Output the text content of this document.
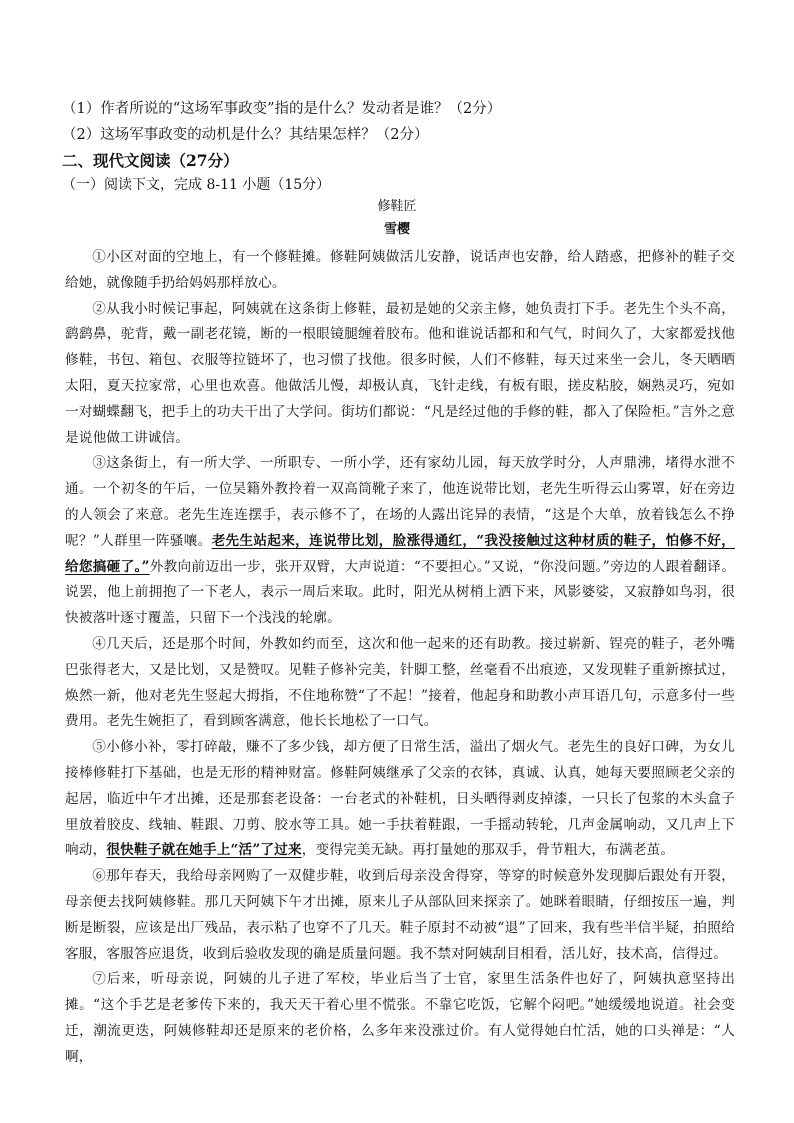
（1）作者所说的“这场军事政变”指的是什么？发动者是谁？（2分）
（2）这场军事政变的动机是什么？其结果怎样？（2分）
二、现代文阅读（27分）
（一）阅读下文，完成 8-11 小题（15分）
修鞋匠
雪樱

①小区对面的空地上，有一个修鞋摊。修鞋阿姨做活儿安静，说话声也安静，给人踏惑，把修补的鞋子交给她，就像随手扔给妈妈那样放心。

②从我小时候记事起，阿姨就在这条街上修鞋，最初是她的父亲主修，她负责打下手。老先生个头不高，鹞鹞鼻，驼背，戴一副老花镜，断的一根眼镜腿缠着胶布。他和谁说话都和和气气，时间久了，大家都爱找他修鞋，书包、箱包、衣服等拉链坏了，也习惯了找他。很多时候，人们不修鞋，每天过来坐一会儿，冬天晒晒太阳，夏天拉家常，心里也欢喜。他做活儿慢，却极认真，飞针走线，有板有眼，搓皮粘胶，娴熟灵巧，宛如一对蝴蝶翻飞，把手上的功夫干出了大学问。街坊们都说：“凡是经过他的手修的鞋，都入了保险柜。”言外之意是说他做工讲诚信。

③这条街上，有一所大学、一所职专、一所小学，还有家幼儿园，每天放学时分，人声鼎沸，堵得水泄不通。一个初冬的午后，一位吴籍外教拎着一双高筒靴子来了，他连说带比划，老先生听得云山雾罩，好在旁边的人领会了来意。老先生连连摆手，表示修不了，在场的人露出诧异的表情，“这是个大单，放着钱怎么不挣呢？”人群里一阵骚嚷。老先生站起来，连说带比划，脸涨得通红，“我没接触过这种材质的鞋子，怕修不好，给您搞砸了。”外教向前迈出一步，张开双臂，大声说道：“不要担心。”又说，“你没问题。”旁边的人跟着翻译。说罢，他上前拥抱了一下老人，表示一周后来取。此时，阳光从树梢上洒下来，风影婆娑，又寂静如鸟羽，很快被落叶逐寸覆盖，只留下一个浅浅的轮廓。

④几天后，还是那个时间，外教如约而至，这次和他一起来的还有助教。接过崭新、锃亮的鞋子，老外嘴巴张得老大，又是比划，又是赞叹。见鞋子修补完美，针脚工整，丝毫看不出痕迹，又发现鞋子重新擦拭过，焕然一新，他对老先生竖起大拇指，不住地称赞“了不起！”接着，他起身和助教小声耳语几句，示意多付一些费用。老先生婉拒了，看到顾客满意，他长长地松了一口气。

⑤小修小补，零打碎敲，赚不了多少钱，却方便了日常生活，溢出了烟火气。老先生的良好口碑，为女儿接棒修鞋打下基础，也是无形的精神财富。修鞋阿姨继承了父亲的衣钵，真诚、认真，她每天要照顾老父亲的起居，临近中午才出摊，还是那套老设备：一台老式的补鞋机，日头晒得剥皮掉漆，一只长了包浆的木头盒子里放着胶皮、线轴、鞋跟、刀剪、胶水等工具。她一手扶着鞋跟，一手摇动转轮，几声金属响动，又几声上下响动，很快鞋子就在她手上“活”了过来，变得完美无缺。再打量她的那双手，骨节粗大，布满老茧。

⑥那年春天，我给母亲网购了一双健步鞋，收到后母亲没舍得穿，等穿的时候意外发现脚后跟处有开裂，母亲便去找阿姨修鞋。那几天阿姨下午才出摊，原来儿子从部队回来探亲了。她眯着眼睛，仔细按压一遍，判断是断裂，应该是出厂残品，表示粘了也穿不了几天。鞋子原封不动被“退”了回来，我有些半信半疑，拍照给客服，客服答应退货，收到后验收发现的确是质量问题。我不禁对阿姨刮目相看，活儿好，技术高，信得过。

⑦后来，听母亲说，阿姨的儿子进了军校，毕业后当了士官，家里生活条件也好了，阿姨执意坚持出摊。“这个手艺是老爹传下来的，我天天干着心里不慌张。不靠它吃饭，它解个闷吧。”她缓缓地说道。社会变迁，潮流更迭，阿姨修鞋却还是原来的老价格，么多年来没涨过价。有人觉得她白忙活，她的口头禅是：“人啊，
